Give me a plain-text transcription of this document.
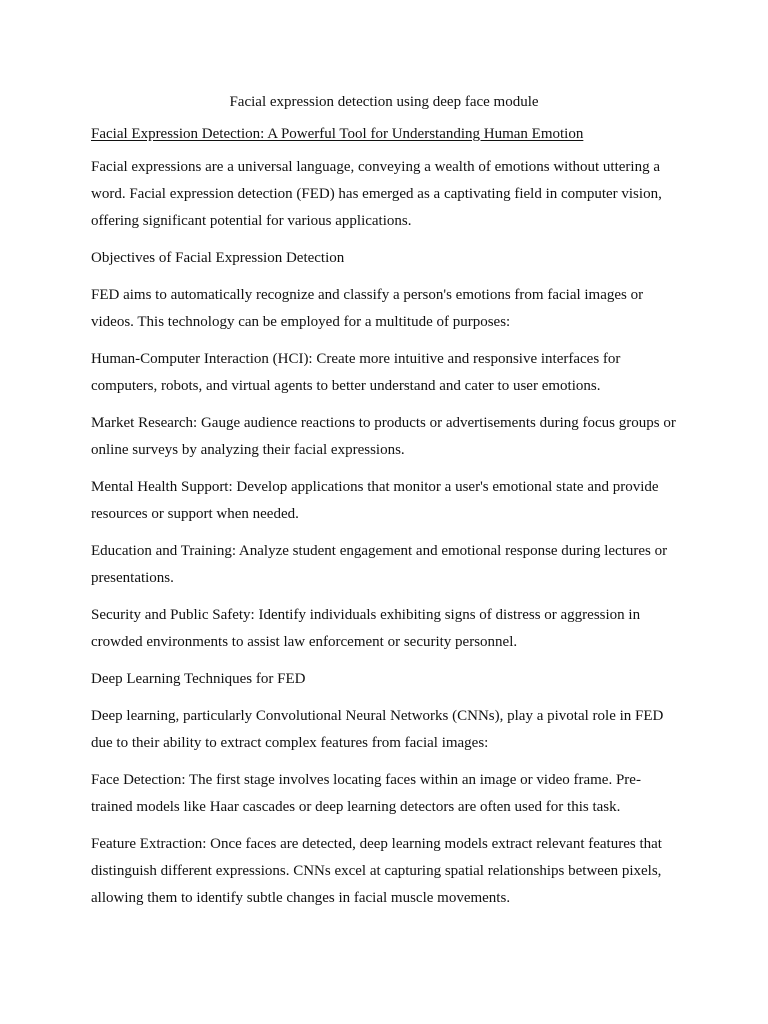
Facial expression detection using deep face module

Facial Expression Detection: A Powerful Tool for Understanding Human Emotion

Facial expressions are a universal language, conveying a wealth of emotions without uttering a word. Facial expression detection (FED) has emerged as a captivating field in computer vision, offering significant potential for various applications.

Objectives of Facial Expression Detection

FED aims to automatically recognize and classify a person's emotions from facial images or videos. This technology can be employed for a multitude of purposes:

Human-Computer Interaction (HCI): Create more intuitive and responsive interfaces for computers, robots, and virtual agents to better understand and cater to user emotions.

Market Research: Gauge audience reactions to products or advertisements during focus groups or online surveys by analyzing their facial expressions.

Mental Health Support: Develop applications that monitor a user's emotional state and provide resources or support when needed.

Education and Training: Analyze student engagement and emotional response during lectures or presentations.

Security and Public Safety: Identify individuals exhibiting signs of distress or aggression in crowded environments to assist law enforcement or security personnel.

Deep Learning Techniques for FED

Deep learning, particularly Convolutional Neural Networks (CNNs), play a pivotal role in FED due to their ability to extract complex features from facial images:

Face Detection: The first stage involves locating faces within an image or video frame. Pre-trained models like Haar cascades or deep learning detectors are often used for this task.

Feature Extraction: Once faces are detected, deep learning models extract relevant features that distinguish different expressions. CNNs excel at capturing spatial relationships between pixels, allowing them to identify subtle changes in facial muscle movements.
